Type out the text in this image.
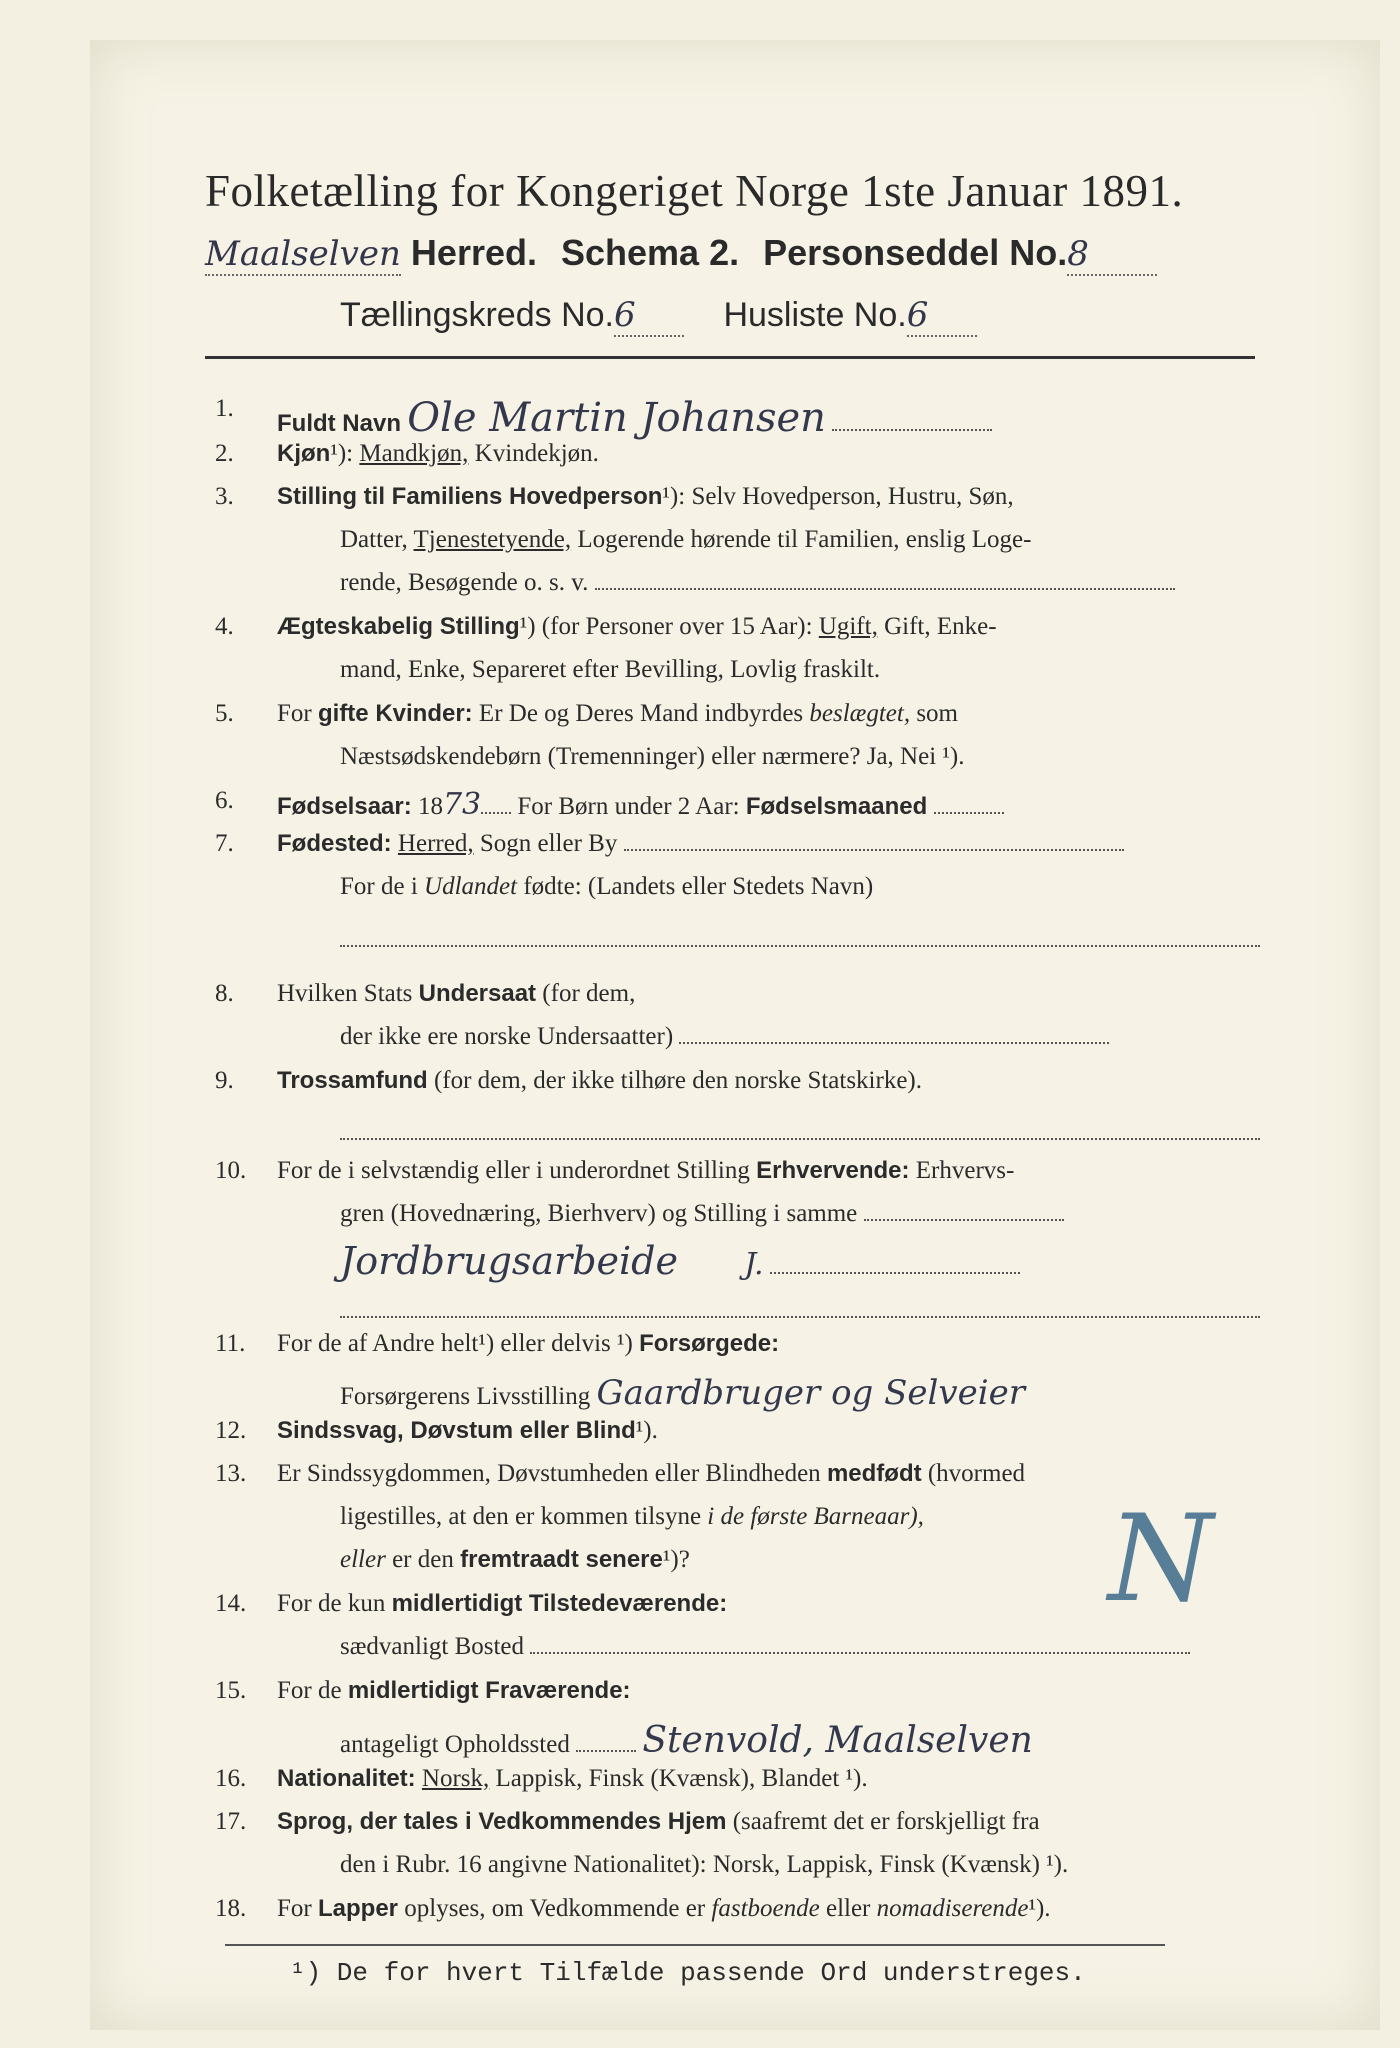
Folketælling for Kongeriget Norge 1ste Januar 1891.
Maalselven Herred. Schema 2. Personseddel No.8
Tællingskreds No.6	Husliste No.6
1.
Fuldt Navn Ole Martin Johansen
2.	Kjøn¹): Mandkjøn, Kvindekjøn.
3.	Stilling til Familiens Hovedperson¹): Selv Hovedperson, Hustru, Søn,
Datter, Tjenestetyende, Logerende hørende til Familien, enslig Loge-
rende, Besøgende o. s. v.
4.	Ægteskabelig Stilling¹) (for Personer over 15 Aar): Ugift, Gift, Enke-
mand, Enke, Separeret efter Bevilling, Lovlig fraskilt.
5.	For gifte Kvinder: Er De og Deres Mand indbyrdes beslægtet, som
Næstsødskendebørn (Tremenninger) eller nærmere? Ja, Nei ¹).
6.	Fødselsaar: 1873 For Børn under 2 Aar: Fødselsmaaned
7.	Fødested: Herred, Sogn eller By
For de i Udlandet fødte: (Landets eller Stedets Navn)
8.	Hvilken Stats Undersaat (for dem,
der ikke ere norske Undersaatter)
9.	Trossamfund (for dem, der ikke tilhøre den norske Statskirke).
10.	For de i selvstændig eller i underordnet Stilling Erhvervende: Erhvervs-
gren (Hovednæring, Bierhverv) og Stilling i samme
Jordbrugsarbeide J.
11.	For de af Andre helt¹) eller delvis ¹) Forsørgede:
Forsørgerens Livsstilling Gaardbruger og Selveier
12.	Sindssvag, Døvstum eller Blind¹).
13.	Er Sindssygdommen, Døvstumheden eller Blindheden medfødt (hvormed
ligestilles, at den er kommen tilsyne i de første Barneaar),
eller er den fremtraadt senere¹)?
14.	For de kun midlertidigt Tilstedeværende:
sædvanligt Bosted
15.	For de midlertidigt Fraværende:
antageligt Opholdssted Stenvold, Maalselven
16.	Nationalitet: Norsk, Lappisk, Finsk (Kvænsk), Blandet ¹).
17.	Sprog, der tales i Vedkommendes Hjem (saafremt det er forskjelligt fra
den i Rubr. 16 angivne Nationalitet): Norsk, Lappisk, Finsk (Kvænsk) ¹).
18.	For Lapper oplyses, om Vedkommende er fastboende eller nomadiserende¹).
N
¹) De for hvert Tilfælde passende Ord understreges.
